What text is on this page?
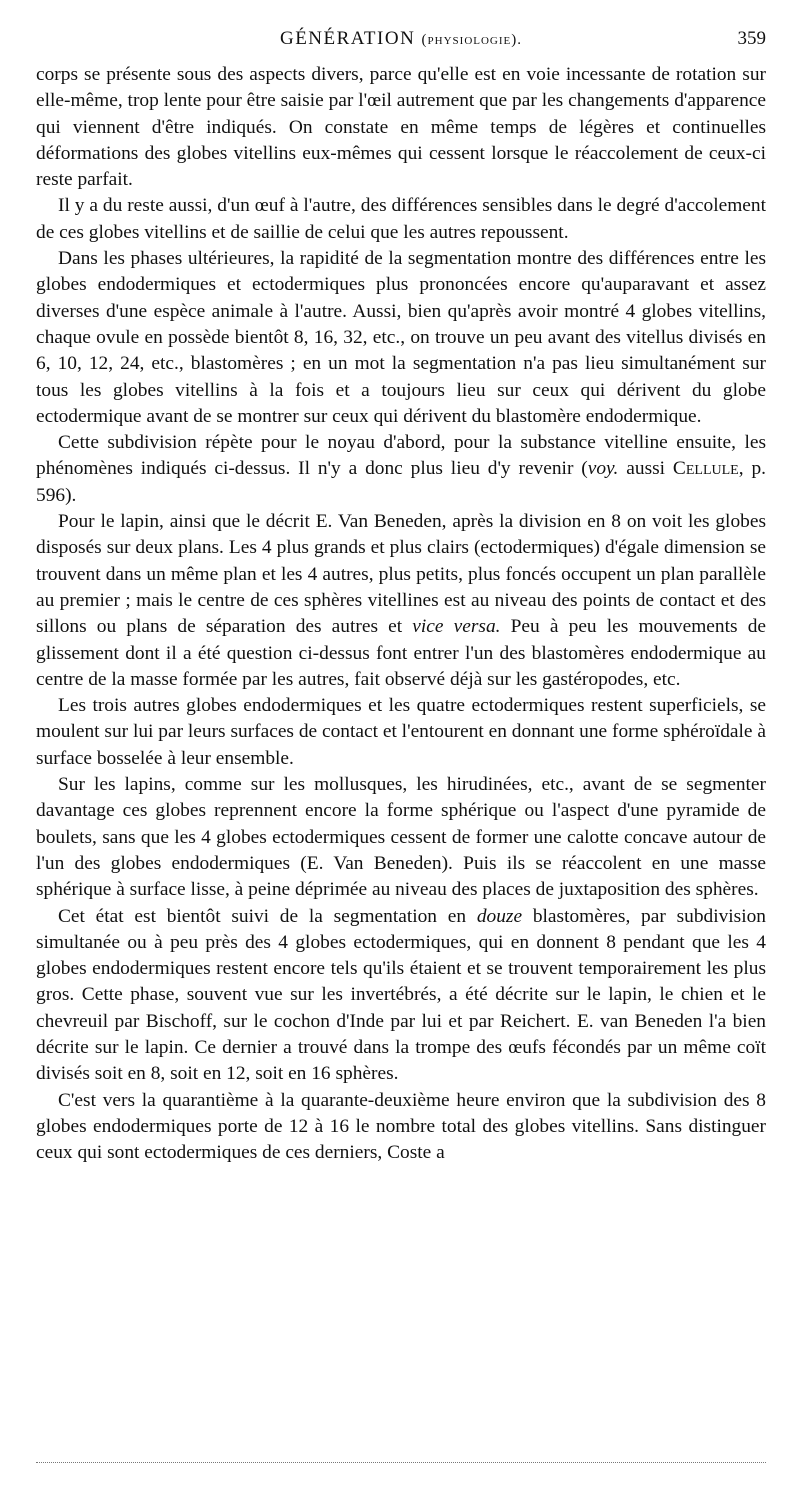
GÉNÉRATION (physiologie).	359

corps se présente sous des aspects divers, parce qu'elle est en voie incessante de rotation sur elle-même, trop lente pour être saisie par l'œil autrement que par les changements d'apparence qui viennent d'être indiqués. On constate en même temps de légères et continuelles déformations des globes vitellins eux-mêmes qui cessent lorsque le réaccolement de ceux-ci reste parfait.

Il y a du reste aussi, d'un œuf à l'autre, des différences sensibles dans le degré d'accolement de ces globes vitellins et de saillie de celui que les autres repoussent.

Dans les phases ultérieures, la rapidité de la segmentation montre des différences entre les globes endodermiques et ectodermiques plus prononcées encore qu'auparavant et assez diverses d'une espèce animale à l'autre. Aussi, bien qu'après avoir montré 4 globes vitellins, chaque ovule en possède bientôt 8, 16, 32, etc., on trouve un peu avant des vitellus divisés en 6, 10, 12, 24, etc., blastomères ; en un mot la segmentation n'a pas lieu simultanément sur tous les globes vitellins à la fois et a toujours lieu sur ceux qui dérivent du globe ectodermique avant de se montrer sur ceux qui dérivent du blastomère endodermique.

Cette subdivision répète pour le noyau d'abord, pour la substance vitelline ensuite, les phénomènes indiqués ci-dessus. Il n'y a donc plus lieu d'y revenir (voy. aussi Cellule, p. 596).

Pour le lapin, ainsi que le décrit E. Van Beneden, après la division en 8 on voit les globes disposés sur deux plans. Les 4 plus grands et plus clairs (ectodermiques) d'égale dimension se trouvent dans un même plan et les 4 autres, plus petits, plus foncés occupent un plan parallèle au premier ; mais le centre de ces sphères vitellines est au niveau des points de contact et des sillons ou plans de séparation des autres et vice versa. Peu à peu les mouvements de glissement dont il a été question ci-dessus font entrer l'un des blastomères endodermique au centre de la masse formée par les autres, fait observé déjà sur les gastéropodes, etc.

Les trois autres globes endodermiques et les quatre ectodermiques restent superficiels, se moulent sur lui par leurs surfaces de contact et l'entourent en donnant une forme sphéroïdale à surface bosselée à leur ensemble.

Sur les lapins, comme sur les mollusques, les hirudinées, etc., avant de se segmenter davantage ces globes reprennent encore la forme sphérique ou l'aspect d'une pyramide de boulets, sans que les 4 globes ectodermiques cessent de former une calotte concave autour de l'un des globes endodermiques (E. Van Beneden). Puis ils se réaccolent en une masse sphérique à surface lisse, à peine déprimée au niveau des places de juxtaposition des sphères.

Cet état est bientôt suivi de la segmentation en douze blastomères, par subdivision simultanée ou à peu près des 4 globes ectodermiques, qui en donnent 8 pendant que les 4 globes endodermiques restent encore tels qu'ils étaient et se trouvent temporairement les plus gros. Cette phase, souvent vue sur les invertébrés, a été décrite sur le lapin, le chien et le chevreuil par Bischoff, sur le cochon d'Inde par lui et par Reichert. E. van Beneden l'a bien décrite sur le lapin. Ce dernier a trouvé dans la trompe des œufs fécondés par un même coït divisés soit en 8, soit en 12, soit en 16 sphères.

C'est vers la quarantième à la quarante-deuxième heure environ que la subdivision des 8 globes endodermiques porte de 12 à 16 le nombre total des globes vitellins. Sans distinguer ceux qui sont ectodermiques de ces derniers, Coste a
